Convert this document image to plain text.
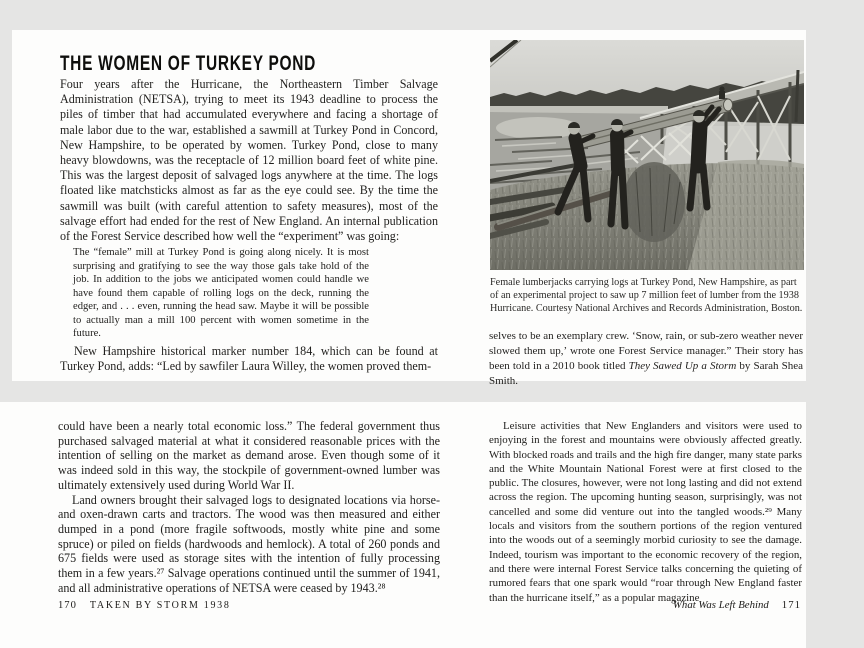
THE WOMEN OF TURKEY POND

Four years after the Hurricane, the Northeastern Timber Salvage Administration (NETSA), trying to meet its 1943 deadline to process the piles of timber that had accumulated everywhere and facing a shortage of male labor due to the war, established a sawmill at Turkey Pond in Concord, New Hampshire, to be operated by women. Turkey Pond, close to many heavy blowdowns, was the receptacle of 12 million board feet of white pine. This was the largest deposit of salvaged logs anywhere at the time. The logs floated like matchsticks almost as far as the eye could see. By the time the sawmill was built (with careful attention to safety measures), most of the salvage effort had ended for the rest of New England. An internal publication of the Forest Service described how well the “experiment” was going:

The “female” mill at Turkey Pond is going along nicely. It is most surprising and gratifying to see the way those gals take hold of the job. In addition to the jobs we anticipated women could handle we have found them capable of rolling logs on the deck, running the edger, and . . . even, running the head saw. Maybe it will be possible to actually man a mill 100 percent with women sometime in the future.

New Hampshire historical marker number 184, which can be found at Turkey Pond, adds: “Led by sawfiler Laura Willey, the women proved them-

Female lumberjacks carrying logs at Turkey Pond, New Hampshire, as part of an experimental project to saw up 7 million feet of lumber from the 1938 Hurricane. Courtesy National Archives and Records Administration, Boston.

selves to be an exemplary crew. ‘Snow, rain, or sub-zero weather never slowed them up,’ wrote one Forest Service manager.” Their story has been told in a 2010 book titled They Sawed Up a Storm by Sarah Shea Smith.

could have been a nearly total economic loss.” The federal government thus purchased salvaged material at what it considered reasonable prices with the intention of selling on the market as demand arose. Even though some of it was indeed sold in this way, the stockpile of government-owned lumber was ultimately extensively used during World War II.

Land owners brought their salvaged logs to designated locations via horse- and oxen-drawn carts and tractors. The wood was then measured and either dumped in a pond (more fragile softwoods, mostly white pine and some spruce) or piled on fields (hardwoods and hemlock). A total of 260 ponds and 675 fields were used as storage sites with the intention of fully processing them in a few years.²⁷ Salvage operations continued until the summer of 1941, and all administrative operations of NETSA were ceased by 1943.²⁸

170 TAKEN BY STORM 1938

Leisure activities that New Englanders and visitors were used to enjoying in the forest and mountains were obviously affected greatly. With blocked roads and trails and the high fire danger, many state parks and the White Mountain National Forest were at first closed to the public. The closures, however, were not long lasting and did not extend across the region. The upcoming hunting season, surprisingly, was not cancelled and some did venture out into the tangled woods.²⁹ Many locals and visitors from the southern portions of the region ventured into the woods out of a seemingly morbid curiosity to see the damage. Indeed, tourism was important to the economic recovery of the region, and there were internal Forest Service talks concerning the quieting of rumored fears that one spark would “roar through New England faster than the hurricane itself,” as a popular magazine

What Was Left Behind 171
